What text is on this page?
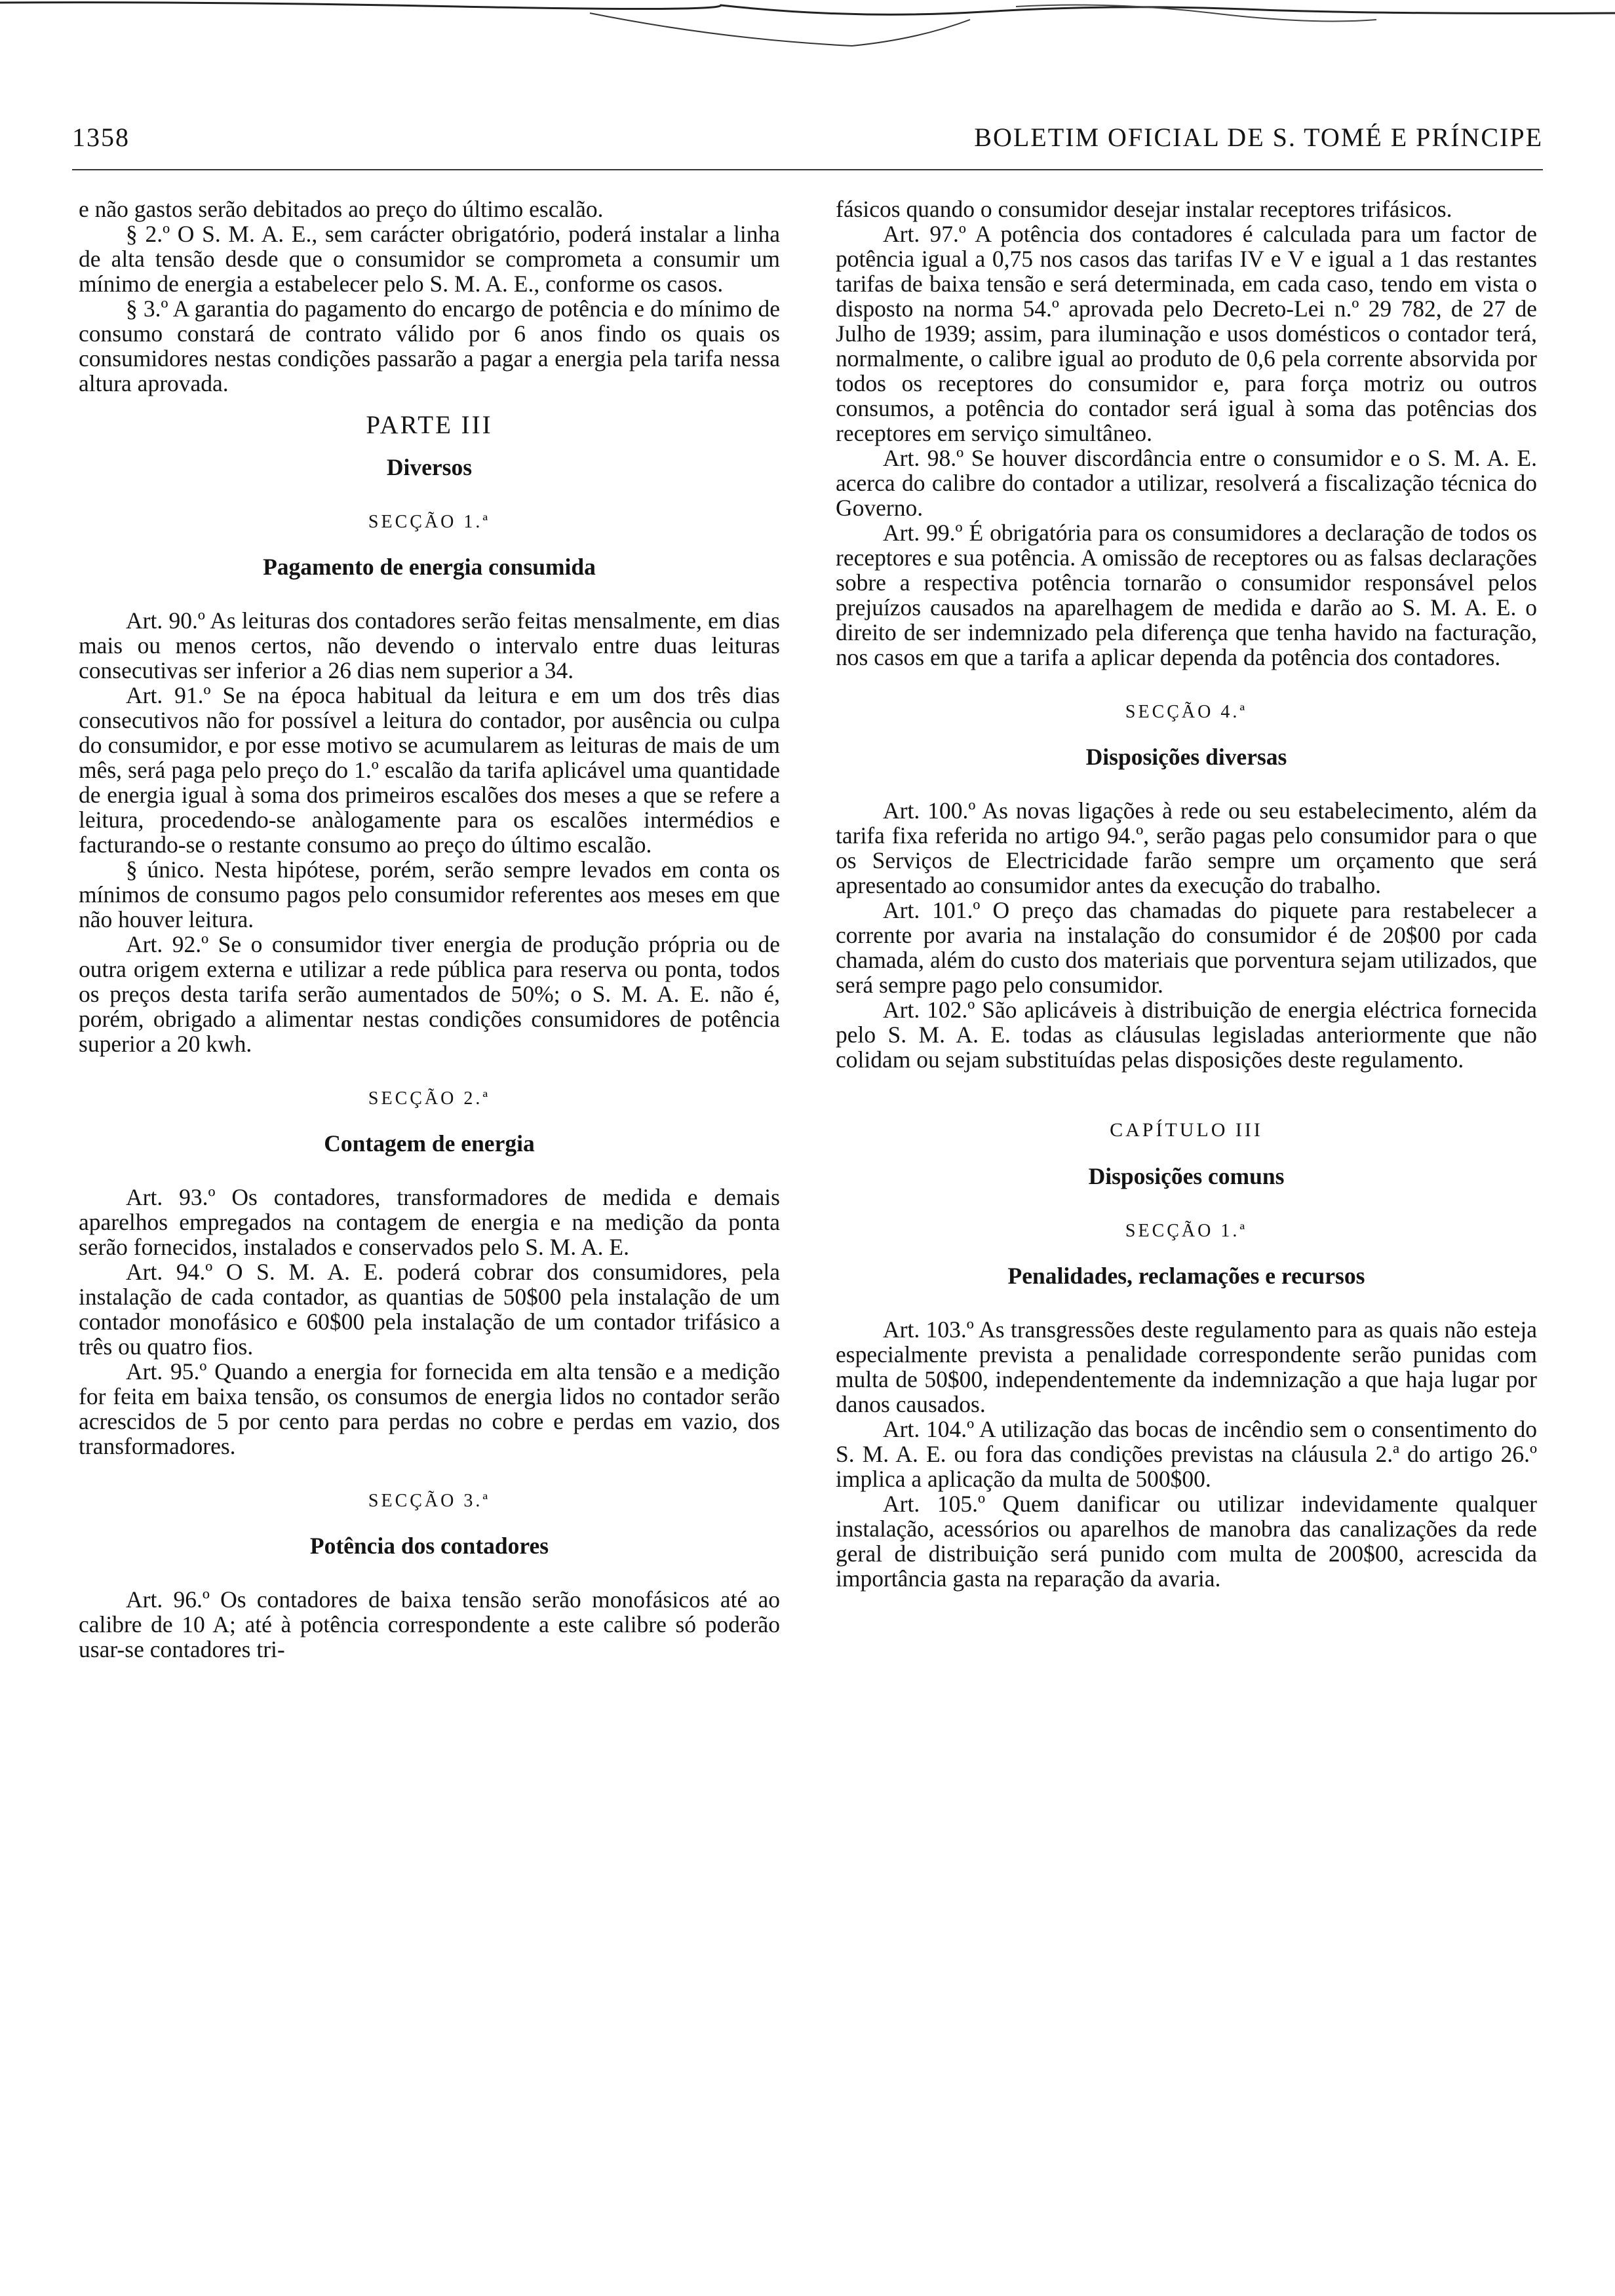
1358	BOLETIM OFICIAL DE S. TOMÉ E PRÍNCIPE

e não gastos serão debitados ao preço do último escalão.

§ 2.º O S. M. A. E., sem carácter obrigatório, poderá instalar a linha de alta tensão desde que o consumidor se comprometa a consumir um mínimo de energia a estabelecer pelo S. M. A. E., conforme os casos.

§ 3.º A garantia do pagamento do encargo de potência e do mínimo de consumo constará de contrato válido por 6 anos findo os quais os consumidores nestas condições passarão a pagar a energia pela tarifa nessa altura aprovada.

PARTE III
Diversos
SECÇÃO 1.ª
Pagamento de energia consumida

Art. 90.º As leituras dos contadores serão feitas mensalmente, em dias mais ou menos certos, não devendo o intervalo entre duas leituras consecutivas ser inferior a 26 dias nem superior a 34.

Art. 91.º Se na época habitual da leitura e em um dos três dias consecutivos não for possível a leitura do contador, por ausência ou culpa do consumidor, e por esse motivo se acumularem as leituras de mais de um mês, será paga pelo preço do 1.º escalão da tarifa aplicável uma quantidade de energia igual à soma dos primeiros escalões dos meses a que se refere a leitura, procedendo-se anàlogamente para os escalões intermédios e facturando-se o restante consumo ao preço do último escalão.

§ único. Nesta hipótese, porém, serão sempre levados em conta os mínimos de consumo pagos pelo consumidor referentes aos meses em que não houver leitura.

Art. 92.º Se o consumidor tiver energia de produção própria ou de outra origem externa e utilizar a rede pública para reserva ou ponta, todos os preços desta tarifa serão aumentados de 50%; o S. M. A. E. não é, porém, obrigado a alimentar nestas condições consumidores de potência superior a 20 kwh.

SECÇÃO 2.ª
Contagem de energia

Art. 93.º Os contadores, transformadores de medida e demais aparelhos empregados na contagem de energia e na medição da ponta serão fornecidos, instalados e conservados pelo S. M. A. E.

Art. 94.º O S. M. A. E. poderá cobrar dos consumidores, pela instalação de cada contador, as quantias de 50$00 pela instalação de um contador monofásico e 60$00 pela instalação de um contador trifásico a três ou quatro fios.

Art. 95.º Quando a energia for fornecida em alta tensão e a medição for feita em baixa tensão, os consumos de energia lidos no contador serão acrescidos de 5 por cento para perdas no cobre e perdas em vazio, dos transformadores.

SECÇÃO 3.ª
Potência dos contadores

Art. 96.º Os contadores de baixa tensão serão monofásicos até ao calibre de 10 A; até à potência correspondente a este calibre só poderão usar-se contadores tri-

fásicos quando o consumidor desejar instalar receptores trifásicos.

Art. 97.º A potência dos contadores é calculada para um factor de potência igual a 0,75 nos casos das tarifas IV e V e igual a 1 das restantes tarifas de baixa tensão e será determinada, em cada caso, tendo em vista o disposto na norma 54.º aprovada pelo Decreto-Lei n.º 29 782, de 27 de Julho de 1939; assim, para iluminação e usos domésticos o contador terá, normalmente, o calibre igual ao produto de 0,6 pela corrente absorvida por todos os receptores do consumidor e, para força motriz ou outros consumos, a potência do contador será igual à soma das potências dos receptores em serviço simultâneo.

Art. 98.º Se houver discordância entre o consumidor e o S. M. A. E. acerca do calibre do contador a utilizar, resolverá a fiscalização técnica do Governo.

Art. 99.º É obrigatória para os consumidores a declaração de todos os receptores e sua potência. A omissão de receptores ou as falsas declarações sobre a respectiva potência tornarão o consumidor responsável pelos prejuízos causados na aparelhagem de medida e darão ao S. M. A. E. o direito de ser indemnizado pela diferença que tenha havido na facturação, nos casos em que a tarifa a aplicar dependa da potência dos contadores.

SECÇÃO 4.ª
Disposições diversas

Art. 100.º As novas ligações à rede ou seu estabelecimento, além da tarifa fixa referida no artigo 94.º, serão pagas pelo consumidor para o que os Serviços de Electricidade farão sempre um orçamento que será apresentado ao consumidor antes da execução do trabalho.

Art. 101.º O preço das chamadas do piquete para restabelecer a corrente por avaria na instalação do consumidor é de 20$00 por cada chamada, além do custo dos materiais que porventura sejam utilizados, que será sempre pago pelo consumidor.

Art. 102.º São aplicáveis à distribuição de energia eléctrica fornecida pelo S. M. A. E. todas as cláusulas legisladas anteriormente que não colidam ou sejam substituídas pelas disposições deste regulamento.

CAPÍTULO III
Disposições comuns
SECÇÃO 1.ª
Penalidades, reclamações e recursos

Art. 103.º As transgressões deste regulamento para as quais não esteja especialmente prevista a penalidade correspondente serão punidas com multa de 50$00, independentemente da indemnização a que haja lugar por danos causados.

Art. 104.º A utilização das bocas de incêndio sem o consentimento do S. M. A. E. ou fora das condições previstas na cláusula 2.ª do artigo 26.º implica a aplicação da multa de 500$00.

Art. 105.º Quem danificar ou utilizar indevidamente qualquer instalação, acessórios ou aparelhos de manobra das canalizações da rede geral de distribuição será punido com multa de 200$00, acrescida da importância gasta na reparação da avaria.
